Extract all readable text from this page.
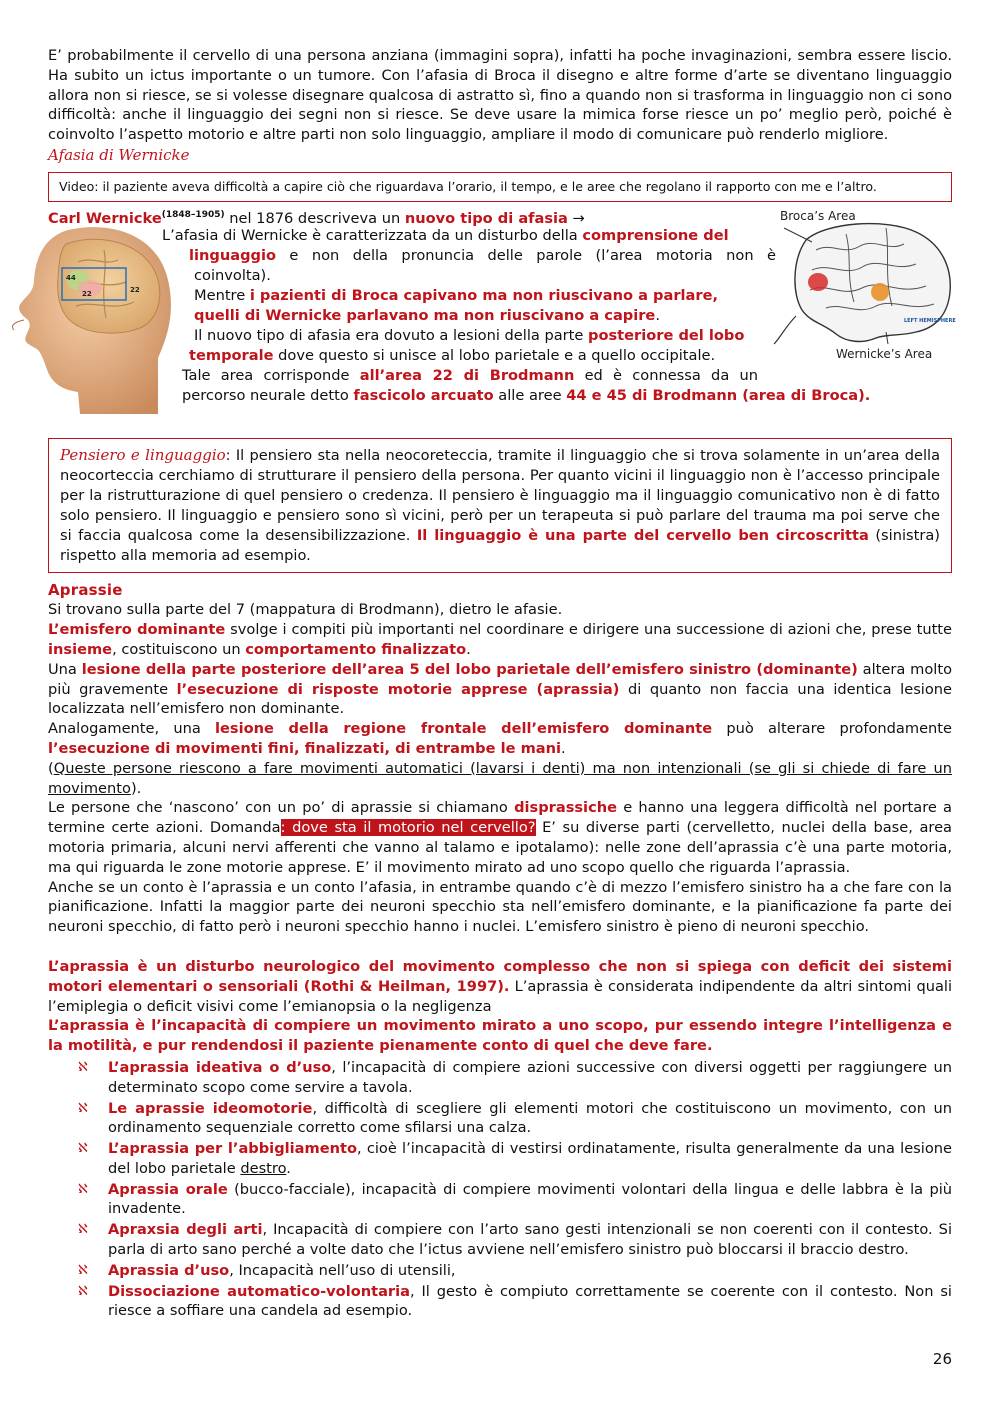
E’ probabilmente il cervello di una persona anziana (immagini sopra), infatti ha poche invaginazioni, sembra essere liscio. Ha subito un ictus importante o un tumore. Con l’afasia di Broca il disegno e altre forme d’arte se diventano linguaggio allora non si riesce, se si volesse disegnare qualcosa di astratto sì, fino a quando non si trasforma in linguaggio non ci sono difficoltà: anche il linguaggio dei segni non si riesce. Se deve usare la mimica forse riesce un po’ meglio però, poiché è coinvolto l’aspetto motorio e altre parti non solo linguaggio, ampliare il modo di comunicare può renderlo migliore.

Afasia di Wernicke
Video: il paziente aveva difficoltà a capire ciò che riguardava l’orario, il tempo, e le aree che regolano il rapporto con me e l’altro.
44
22	22
Broca’s Area
LEFT HEMISPHERE
Wernicke’s Area
Carl Wernicke$^{(1848-1905)}$ nel 1876 descriveva un nuovo tipo di afasia →
L’afasia di Wernicke è caratterizzata da un disturbo della comprensione del
linguaggio e non della pronuncia delle parole (l’area motoria non è
coinvolta).
Mentre i pazienti di Broca capivano ma non riuscivano a parlare,
quelli di Wernicke parlavano ma non riuscivano a capire.
Il nuovo tipo di afasia era dovuto a lesioni della parte posteriore del lobo
temporale dove questo si unisce al lobo parietale e a quello occipitale.
Tale area corrisponde all’area 22 di Brodmann ed è connessa da un
percorso neurale detto fascicolo arcuato alle aree 44 e 45 di Brodmann (area di Broca).
Pensiero e linguaggio: Il pensiero sta nella neocoreteccia, tramite il linguaggio che si trova solamente in un’area della neocorteccia cerchiamo di strutturare il pensiero della persona. Per quanto vicini il linguaggio non è l’accesso principale per la ristrutturazione di quel pensiero o credenza. Il pensiero è linguaggio ma il linguaggio comunicativo non è di fatto solo pensiero. Il linguaggio e pensiero sono sì vicini, però per un terapeuta si può parlare del trauma ma poi serve che si faccia qualcosa come la desensibilizzazione. Il linguaggio è una parte del cervello ben circoscritta (sinistra) rispetto alla memoria ad esempio.
Aprassie

Si trovano sulla parte del 7 (mappatura di Brodmann), dietro le afasie.

L’emisfero dominante svolge i compiti più importanti nel coordinare e dirigere una successione di azioni che, prese tutte insieme, costituiscono un comportamento finalizzato.

Una lesione della parte posteriore dell’area 5 del lobo parietale dell’emisfero sinistro (dominante) altera molto più gravemente l’esecuzione di risposte motorie apprese (aprassia) di quanto non faccia una identica lesione localizzata nell’emisfero non dominante.

Analogamente, una lesione della regione frontale dell’emisfero dominante può alterare profondamente l’esecuzione di movimenti fini, finalizzati, di entrambe le mani.

(Queste persone riescono a fare movimenti automatici (lavarsi i denti) ma non intenzionali (se gli si chiede di fare un movimento).

Le persone che ‘nascono’ con un po’ di aprassie si chiamano disprassiche e hanno una leggera difficoltà nel portare a termine certe azioni. Domanda: dove sta il motorio nel cervello? E’ su diverse parti (cervelletto, nuclei della base, area motoria primaria, alcuni nervi afferenti che vanno al talamo e ipotalamo): nelle zone dell’aprassia c’è una parte motoria, ma qui riguarda le zone motorie apprese. E’ il movimento mirato ad uno scopo quello che riguarda l’aprassia.

Anche se un conto è l’aprassia e un conto l’afasia, in entrambe quando c’è di mezzo l’emisfero sinistro ha a che fare con la pianificazione. Infatti la maggior parte dei neuroni specchio sta nell’emisfero dominante, e la pianificazione fa parte dei neuroni specchio, di fatto però i neuroni specchio hanno i nuclei. L’emisfero sinistro è pieno di neuroni specchio.

L’aprassia è un disturbo neurologico del movimento complesso che non si spiega con deficit dei sistemi motori elementari o sensoriali (Rothi & Heilman, 1997). L’aprassia è considerata indipendente da altri sintomi quali l’emiplegia o deficit visivi come l’emianopsia o la negligenza

L’aprassia è l’incapacità di compiere un movimento mirato a uno scopo, pur essendo integre l’intelligenza e la motilità, e pur rendendosi il paziente pienamente conto di quel che deve fare.

ℵ L’aprassia ideativa o d’uso, l’incapacità di compiere azioni successive con diversi oggetti per raggiungere un determinato scopo come servire a tavola.
ℵ Le aprassie ideomotorie, difficoltà di scegliere gli elementi motori che costituiscono un movimento, con un ordinamento sequenziale corretto come sfilarsi una calza.
ℵ L’aprassia per l’abbigliamento, cioè l’incapacità di vestirsi ordinatamente, risulta generalmente da una lesione del lobo parietale destro.
ℵ Aprassia orale (bucco-facciale), incapacità di compiere movimenti volontari della lingua e delle labbra è la più invadente.
ℵ Apraxsia degli arti, Incapacità di compiere con l’arto sano gesti intenzionali se non coerenti con il contesto. Si parla di arto sano perché a volte dato che l’ictus avviene nell’emisfero sinistro può bloccarsi il braccio destro.
ℵ Aprassia d’uso, Incapacità nell’uso di utensili,
ℵ Dissociazione automatico-volontaria, Il gesto è compiuto correttamente se coerente con il contesto. Non si riesce a soffiare una candela ad esempio.
26
